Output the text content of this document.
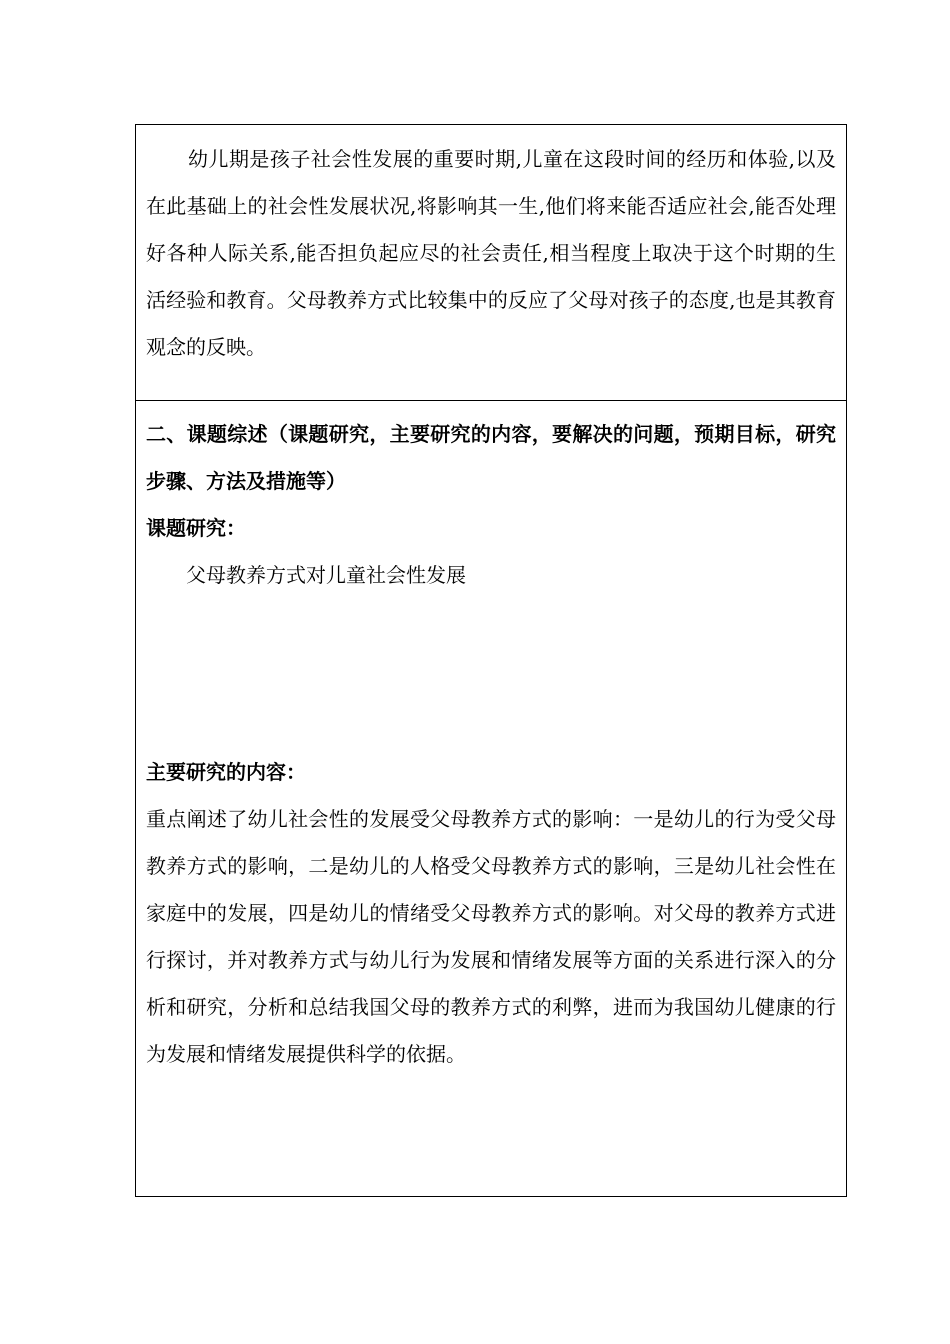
幼儿期是孩子社会性发展的重要时期,儿童在这段时间的经历和体验,以及在此基础上的社会性发展状况,将影响其一生,他们将来能否适应社会,能否处理好各种人际关系,能否担负起应尽的社会责任,相当程度上取决于这个时期的生活经验和教育。父母教养方式比较集中的反应了父母对孩子的态度,也是其教育观念的反映。

二、课题综述（课题研究，主要研究的内容，要解决的问题，预期目标，研究步骤、方法及措施等）

课题研究：

父母教养方式对儿童社会性发展

主要研究的内容：

重点阐述了幼儿社会性的发展受父母教养方式的影响：一是幼儿的行为受父母教养方式的影响，二是幼儿的人格受父母教养方式的影响，三是幼儿社会性在家庭中的发展，四是幼儿的情绪受父母教养方式的影响。对父母的教养方式进行探讨，并对教养方式与幼儿行为发展和情绪发展等方面的关系进行深入的分析和研究，分析和总结我国父母的教养方式的利弊，进而为我国幼儿健康的行为发展和情绪发展提供科学的依据。
